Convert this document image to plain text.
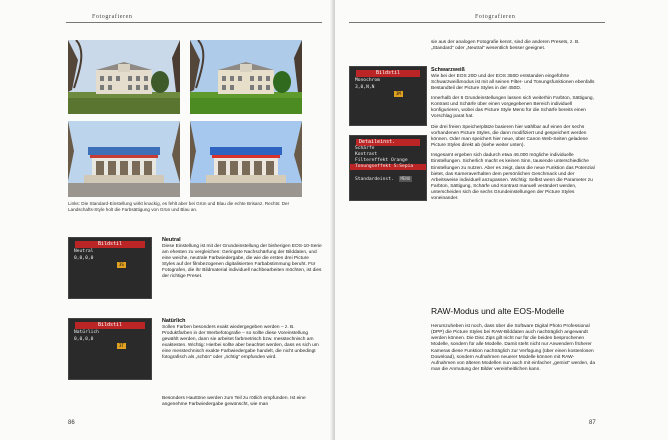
Fotografieren
Links: Die Standard-Einstellung wirkt knackig, es fehlt aber bei Grün und Blau die echte Brisanz. Rechts: Der Landschafts-Style holt die Farbsättigung von Grün und Blau an.
Bildstil
Neutral
0,0,0,0
3S

Neutral

Diese Einstellung ist mit der Grundeinstellung der bisherigen EOS-10-Serie am ehesten zu vergleichen: Geringste Nachschärfung der Bilddaten, und eine weiche, neutrale Farbwiedergabe, die wie die ersten drei Picture Styles auf der filmbezogenen digitalisierten Farbabstimmung beruht. Für Fotografen, die ihr Bildmaterial individuell nachbearbeiten möchten, ist dies der richtige Preset.

Bildstil
Natürlich
0,0,0,0
3T

Natürlich

Sollen Farben besonders exakt wiedergegeben werden – z. B. Produktfarben in der Werbefotografie – so sollte diese Voreinstellung gewählt werden, dann sie arbeitet farbmetrisch bzw. messtechnisch am exaktesten. Wichtig: Hierbei sollte aber beachtet werden, dass es sich um eine messtechnisch exakte Farbwiedergabe handelt, die nicht unbedingt fotografisch als „schön“ oder „richtig“ empfunden wird.

Besonders Hauttöne werden zum Teil zu rötlich empfunden. Ist eine angenehme Farbwiedergabe gewünscht, wie man

86
Fotografieren

sie aus der analogen Fotografie kennt, sind die anderen Presets, z. B. „Standard“ oder „Neutral“ wesentlich besser geeignet.

Bildstil
Monochrom
3,0,N,N
3M
Detaileinst.
Schärfe
Kontrast
Filtereffekt Orange
Tonungseffekt S:Sepia
Standardeinst. MENU

Schwarzweiß

Wie bei der EOS 20D und der EOS 350D entstanden eingeführte Schwarzweißmodus ist mit all seinen Filter- und Tonungsfunktionen ebenfalls Bestandteil der Picture Styles in der 450D.

Innerhalb der 6 Grundeinstellungen lassen sich weiterhin Farbton, Sättigung, Kontrast und Schärfe über einen vorgegebenen Bereich individuell konfigurieren, wobei das Picture Style Menü für die Schärfe bereits einen Vorschlag parat hat.

Die drei freien Speicherplätze basieren hier wählbar auf einen der sechs vorhandenen Picture Styles, die dann modifiziert und gespeichert werden können. Oder man speichert hier neue, über Canon Web-Seiten geladene Picture Styles direkt ab (siehe weiter unten).

Insgesamt ergeben sich dadurch etwa 46.000 mögliche individuelle Einstellungen. Sicherlich macht es keinen Sinn, tausende unterschiedliche Einstellungen zu nutzen. Aber es zeigt, dass die neue Funktion das Potenzial bietet, das Kameraverhalten dem persönlichen Geschmack und der Arbeitsweise individuell anzupassen. Wichtig: Selbst wenn die Parameter zu Farbton, Sättigung, Schärfe und Kontrast manuell verändert werden, unterscheiden sich die sechs Grundeinstellungen der Picture Styles voneinander.

RAW-Modus und alte EOS-Modelle

Herumzuheben ist noch, dass über die Software Digital Photo Professional (DPP) die Picture Styles bei RAW-Bilddaten auch nachträglich angewandt werden können. Die Disc Zips gilt nicht nur für die beiden besprochenen Modelle, sondern für alle Modelle. Damit steht nicht nur Anwendern früherer Kameras diese Funktion nachträglich zur Verfügung (über einen kostenlosen Download), sondern Aufnahmen neuerer Modelle können mit RAW-Aufnahmen von älteren Modellen nun auch mit einfacher „gemixt“ werden, da man die Anmutung der Bilder vereinheitlichen kann.

87
